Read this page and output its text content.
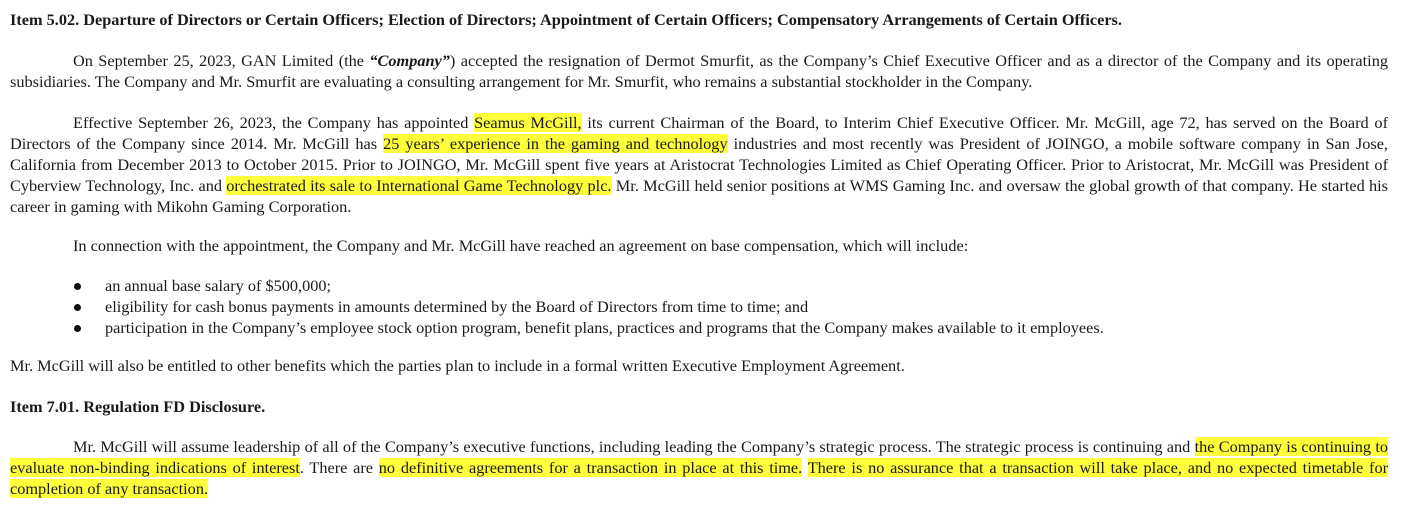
Item 5.02. Departure of Directors or Certain Officers; Election of Directors; Appointment of Certain Officers; Compensatory Arrangements of Certain Officers.

On September 25, 2023, GAN Limited (the “Company”) accepted the resignation of Dermot Smurfit, as the Company’s Chief Executive Officer and as a director of the Company and its operating subsidiaries. The Company and Mr. Smurfit are evaluating a consulting arrangement for Mr. Smurfit, who remains a substantial stockholder in the Company.

Effective September 26, 2023, the Company has appointed Seamus McGill, its current Chairman of the Board, to Interim Chief Executive Officer. Mr. McGill, age 72, has served on the Board of Directors of the Company since 2014. Mr. McGill has 25 years’ experience in the gaming and technology industries and most recently was President of JOINGO, a mobile software company in San Jose, California from December 2013 to October 2015. Prior to JOINGO, Mr. McGill spent five years at Aristocrat Technologies Limited as Chief Operating Officer. Prior to Aristocrat, Mr. McGill was President of Cyberview Technology, Inc. and orchestrated its sale to International Game Technology plc. Mr. McGill held senior positions at WMS Gaming Inc. and oversaw the global growth of that company. He started his career in gaming with Mikohn Gaming Corporation.

In connection with the appointment, the Company and Mr. McGill have reached an agreement on base compensation, which will include:

an annual base salary of $500,000;
eligibility for cash bonus payments in amounts determined by the Board of Directors from time to time; and
participation in the Company’s employee stock option program, benefit plans, practices and programs that the Company makes available to it employees.

Mr. McGill will also be entitled to other benefits which the parties plan to include in a formal written Executive Employment Agreement.

Item 7.01. Regulation FD Disclosure.

Mr. McGill will assume leadership of all of the Company’s executive functions, including leading the Company’s strategic process. The strategic process is continuing and the Company is continuing to evaluate non-binding indications of interest. There are no definitive agreements for a transaction in place at this time. There is no assurance that a transaction will take place, and no expected timetable for completion of any transaction.
